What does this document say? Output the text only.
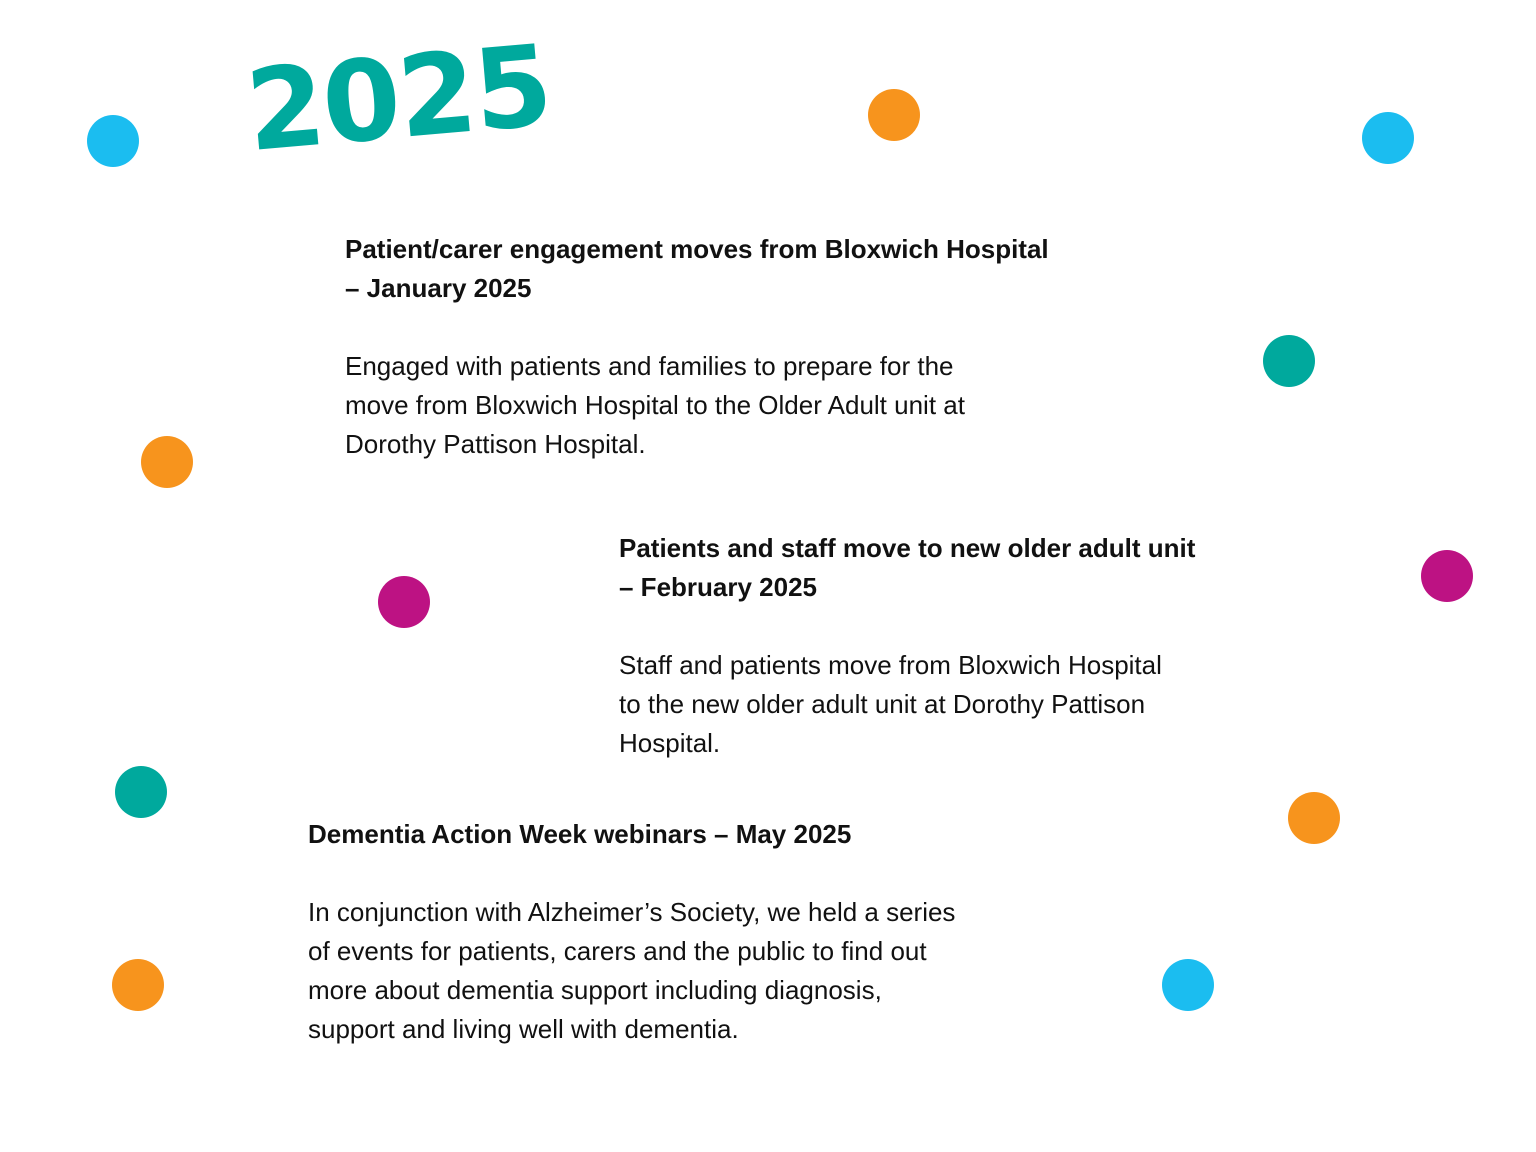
2025
Patient/carer engagement moves from Bloxwich Hospital
– January 2025

Engaged with patients and families to prepare for the
move from Bloxwich Hospital to the Older Adult unit at
Dorothy Pattison Hospital.

Patients and staff move to new older adult unit
– February 2025

Staff and patients move from Bloxwich Hospital
to the new older adult unit at Dorothy Pattison
Hospital.

Dementia Action Week webinars – May 2025

In conjunction with Alzheimer’s Society, we held a series
of events for patients, carers and the public to find out
more about dementia support including diagnosis,
support and living well with dementia.
